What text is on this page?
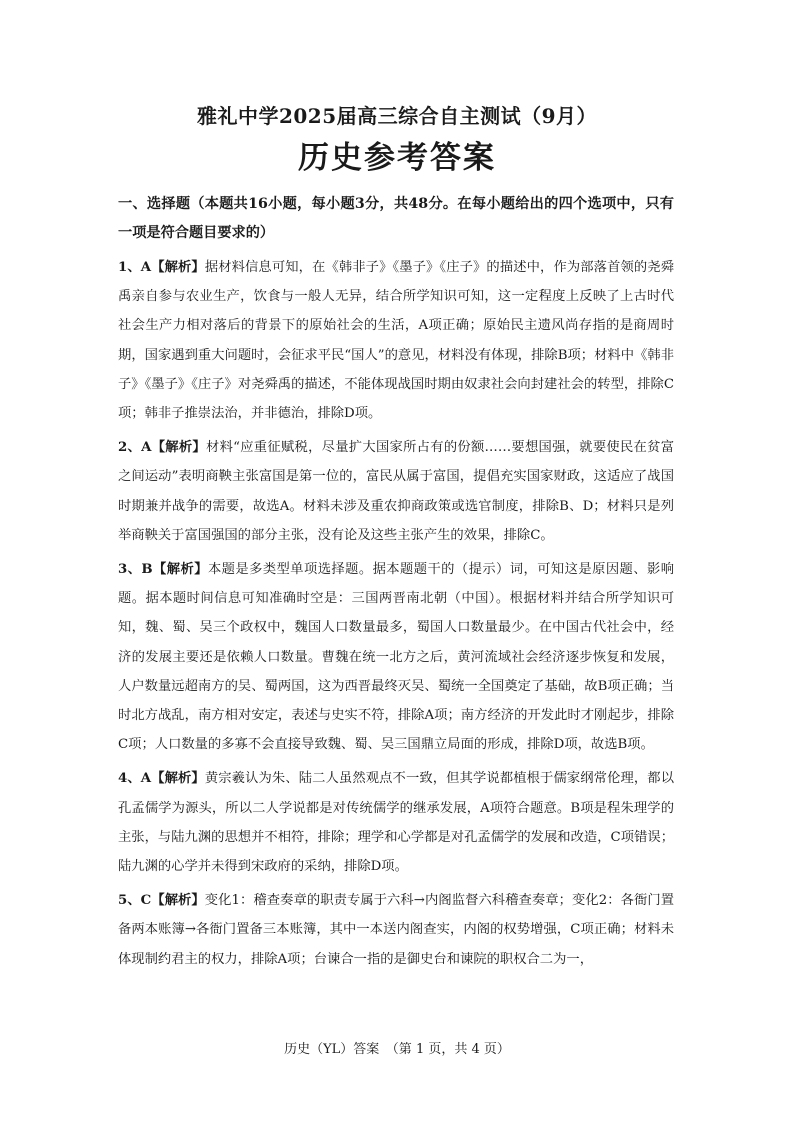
雅礼中学2025届高三综合自主测试（9月）
历史参考答案

一、选择题（本题共16小题，每小题3分，共48分。在每小题给出的四个选项中，只有一项是符合题目要求的）

1、A【解析】据材料信息可知，在《韩非子》《墨子》《庄子》的描述中，作为部落首领的尧舜禹亲自参与农业生产，饮食与一般人无异，结合所学知识可知，这一定程度上反映了上古时代社会生产力相对落后的背景下的原始社会的生活，A项正确；原始民主遗风尚存指的是商周时期，国家遇到重大问题时，会征求平民“国人”的意见，材料没有体现，排除B项；材料中《韩非子》《墨子》《庄子》对尧舜禹的描述，不能体现战国时期由奴隶社会向封建社会的转型，排除C项；韩非子推崇法治，并非德治，排除D项。

2、A【解析】材料“应重征赋税，尽量扩大国家所占有的份额……要想国强，就要使民在贫富之间运动”表明商鞅主张富国是第一位的，富民从属于富国，提倡充实国家财政，这适应了战国时期兼并战争的需要，故选A。材料未涉及重农抑商政策或选官制度，排除B、D；材料只是列举商鞅关于富国强国的部分主张，没有论及这些主张产生的效果，排除C。

3、B【解析】本题是多类型单项选择题。据本题题干的（提示）词，可知这是原因题、影响题。据本题时间信息可知准确时空是：三国两晋南北朝（中国）。根据材料并结合所学知识可知，魏、蜀、吴三个政权中，魏国人口数量最多，蜀国人口数量最少。在中国古代社会中，经济的发展主要还是依赖人口数量。曹魏在统一北方之后，黄河流域社会经济逐步恢复和发展，人户数量远超南方的吴、蜀两国，这为西晋最终灭吴、蜀统一全国奠定了基础，故B项正确；当时北方战乱，南方相对安定，表述与史实不符，排除A项；南方经济的开发此时才刚起步，排除C项；人口数量的多寡不会直接导致魏、蜀、吴三国鼎立局面的形成，排除D项，故选B项。

4、A【解析】黄宗羲认为朱、陆二人虽然观点不一致，但其学说都植根于儒家纲常伦理，都以孔孟儒学为源头，所以二人学说都是对传统儒学的继承发展，A项符合题意。B项是程朱理学的主张，与陆九渊的思想并不相符，排除；理学和心学都是对孔孟儒学的发展和改造，C项错误；陆九渊的心学并未得到宋政府的采纳，排除D项。

5、C【解析】变化1：稽查奏章的职责专属于六科→内阁监督六科稽查奏章；变化2：各衙门置备两本账簿→各衙门置备三本账簿，其中一本送内阁查实，内阁的权势增强，C项正确；材料未体现制约君主的权力，排除A项；台谏合一指的是御史台和谏院的职权合二为一，

历史（YL）答案　（第 1 页，共 4 页）
